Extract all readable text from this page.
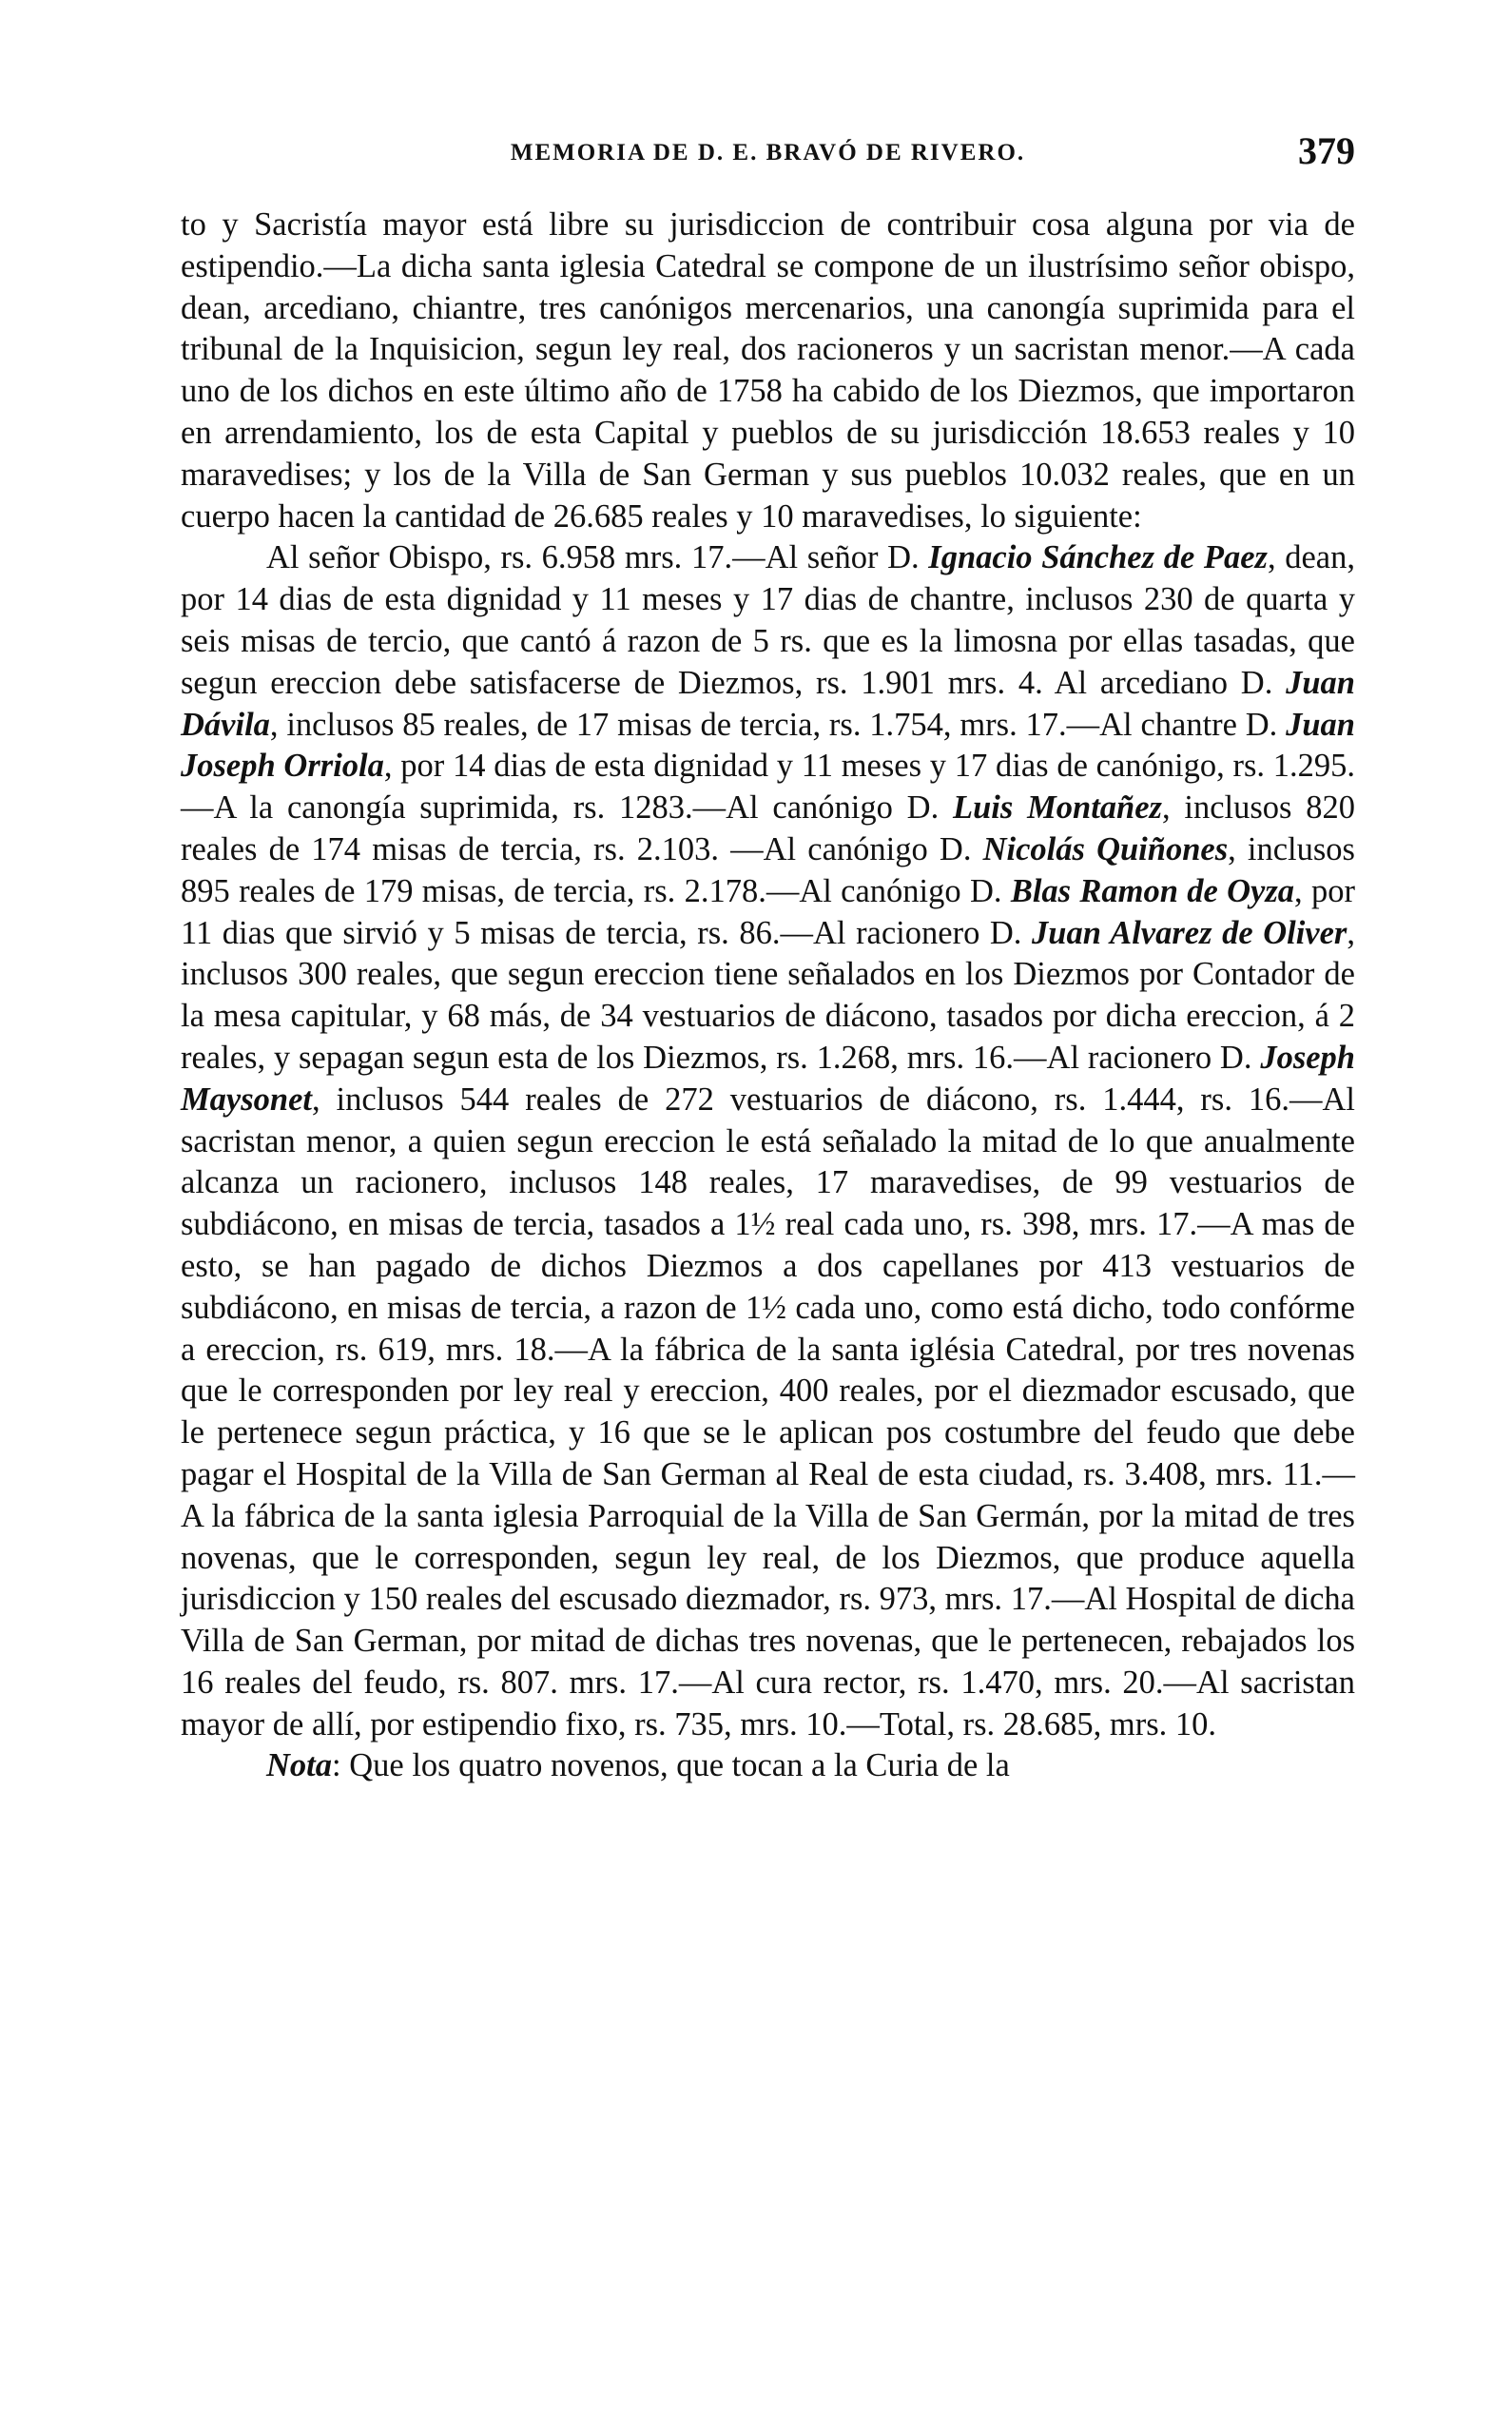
MEMORIA DE D. E. BRAVÓ DE RIVERO.	379

to y Sacristía mayor está libre su jurisdiccion de contribuir cosa alguna por via de estipendio.—La dicha santa iglesia Catedral se compone de un ilustrísimo señor obispo, dean, arcediano, chiantre, tres canónigos mercenarios, una canongía suprimida para el tribunal de la Inquisicion, segun ley real, dos racioneros y un sacristan menor.—A cada uno de los dichos en este último año de 1758 ha cabido de los Diezmos, que importaron en arrendamiento, los de esta Capital y pueblos de su jurisdicción 18.653 reales y 10 maravedises; y los de la Villa de San German y sus pueblos 10.032 reales, que en un cuerpo hacen la cantidad de 26.685 reales y 10 maravedises, lo siguiente:

Al señor Obispo, rs. 6.958 mrs. 17.—Al señor D. Ignacio Sánchez de Paez, dean, por 14 dias de esta dignidad y 11 meses y 17 dias de chantre, inclusos 230 de quarta y seis misas de tercio, que cantó á razon de 5 rs. que es la limosna por ellas tasadas, que segun ereccion debe satisfacerse de Diezmos, rs. 1.901 mrs. 4. Al arcediano D. Juan Dávila, inclusos 85 reales, de 17 misas de tercia, rs. 1.754, mrs. 17.—Al chantre D. Juan Joseph Orriola, por 14 dias de esta dignidad y 11 meses y 17 dias de canónigo, rs. 1.295.—A la canongía suprimida, rs. 1283.—Al canónigo D. Luis Montañez, inclusos 820 reales de 174 misas de tercia, rs. 2.103. —Al canónigo D. Nicolás Quiñones, inclusos 895 reales de 179 misas, de tercia, rs. 2.178.—Al canónigo D. Blas Ramon de Oyza, por 11 dias que sirvió y 5 misas de tercia, rs. 86.—Al racionero D. Juan Alvarez de Oliver, inclusos 300 reales, que segun ereccion tiene señalados en los Diezmos por Contador de la mesa capitular, y 68 más, de 34 vestuarios de diácono, tasados por dicha ereccion, á 2 reales, y sepagan segun esta de los Diezmos, rs. 1.268, mrs. 16.—Al racionero D. Joseph Maysonet, inclusos 544 reales de 272 vestuarios de diácono, rs. 1.444, rs. 16.—Al sacristan menor, a quien segun ereccion le está señalado la mitad de lo que anualmente alcanza un racionero, inclusos 148 reales, 17 maravedises, de 99 vestuarios de subdiácono, en misas de tercia, tasados a 1½ real cada uno, rs. 398, mrs. 17.—A mas de esto, se han pagado de dichos Diezmos a dos capellanes por 413 vestuarios de subdiácono, en misas de tercia, a razon de 1½ cada uno, como está dicho, todo confórme a ereccion, rs. 619, mrs. 18.—A la fábrica de la santa iglésia Catedral, por tres novenas que le corresponden por ley real y ereccion, 400 reales, por el diezmador escusado, que le pertenece segun práctica, y 16 que se le aplican pos costumbre del feudo que debe pagar el Hospital de la Villa de San German al Real de esta ciudad, rs. 3.408, mrs. 11.—A la fábrica de la santa iglesia Parroquial de la Villa de San Germán, por la mitad de tres novenas, que le corresponden, segun ley real, de los Diezmos, que produce aquella jurisdiccion y 150 reales del escusado diezmador, rs. 973, mrs. 17.—Al Hospital de dicha Villa de San German, por mitad de dichas tres novenas, que le pertenecen, rebajados los 16 reales del feudo, rs. 807. mrs. 17.—Al cura rector, rs. 1.470, mrs. 20.—Al sacristan mayor de allí, por estipendio fixo, rs. 735, mrs. 10.—Total, rs. 28.685, mrs. 10.

Nota: Que los quatro novenos, que tocan a la Curia de la
